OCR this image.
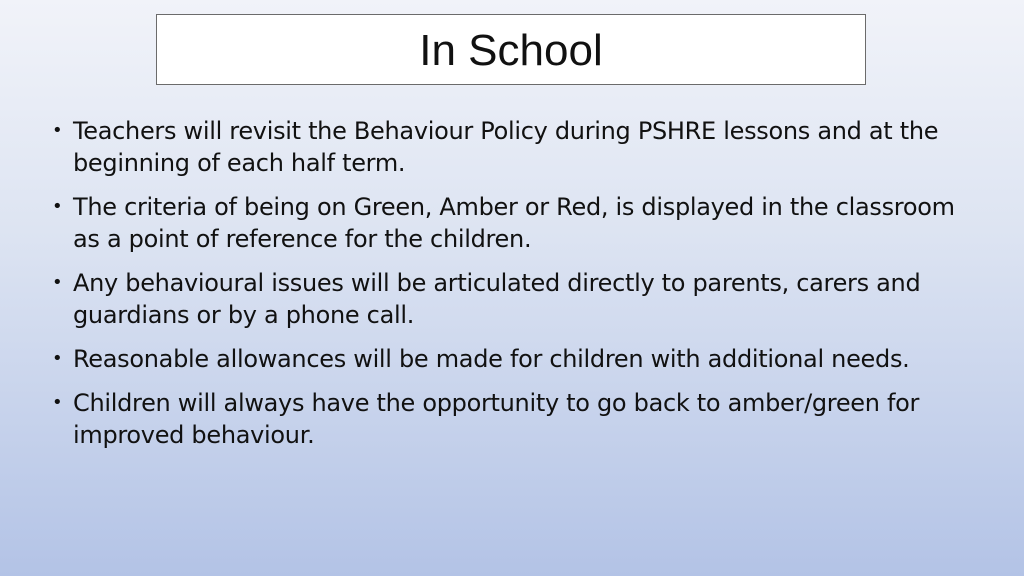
In School
• Teachers will revisit the Behaviour Policy during PSHRE lessons and at the beginning of each half term.
• The criteria of being on Green, Amber or Red, is displayed in the classroom as a point of reference for the children.
• Any behavioural issues will be articulated directly to parents, carers and guardians or by a phone call.
• Reasonable allowances will be made for children with additional needs.
• Children will always have the opportunity to go back to amber/green for improved behaviour.
